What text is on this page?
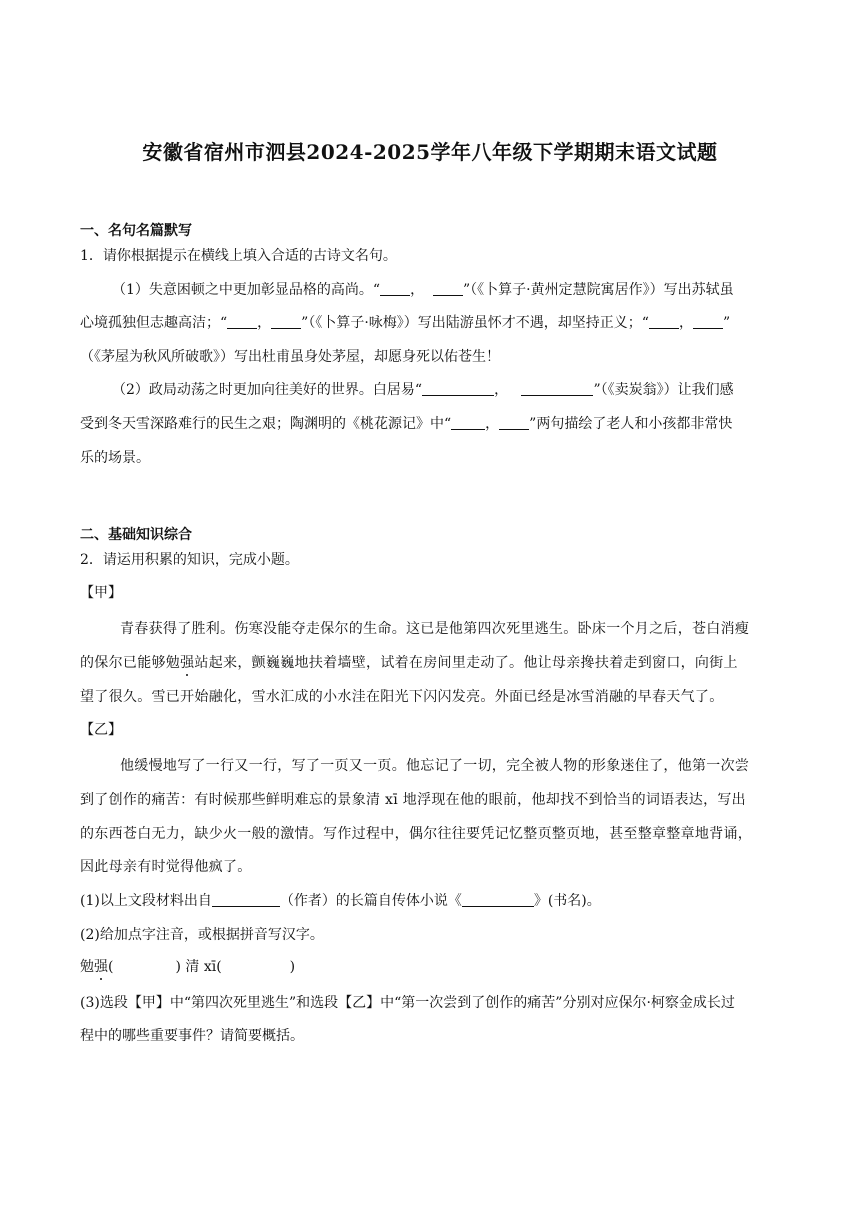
安徽省宿州市泗县2024-2025学年八年级下学期期末语文试题
一、名句名篇默写
1．请你根据提示在横线上填入合适的古诗文名句。
（1）失意困顿之中更加彰显品格的高尚。“ ，	”（《卜算子·黄州定慧院寓居作》）写出苏轼虽
心境孤独但志趣高洁；“ ， ”（《卜算子·咏梅》）写出陆游虽怀才不遇，却坚持正义；“ ， ”
（《茅屋为秋风所破歌》）写出杜甫虽身处茅屋，却愿身死以佑苍生！
（2）政局动荡之时更加向往美好的世界。白居易“	，	”（《卖炭翁》）让我们感
受到冬天雪深路难行的民生之艰；陶渊明的《桃花源记》中“ ， ”两句描绘了老人和小孩都非常快
乐的场景。
二、基础知识综合
2．请运用积累的知识，完成小题。
【甲】
青春获得了胜利。伤寒没能夺走保尔的生命。这已是他第四次死里逃生。卧床一个月之后，苍白消瘦
的保尔已能够勉强站起来，颤巍巍地扶着墙壁，试着在房间里走动了。他让母亲搀扶着走到窗口，向街上
望了很久。雪已开始融化，雪水汇成的小水洼在阳光下闪闪发亮。外面已经是冰雪消融的早春天气了。
【乙】
他缓慢地写了一行又一行，写了一页又一页。他忘记了一切，完全被人物的形象迷住了，他第一次尝
到了创作的痛苦：有时候那些鲜明难忘的景象清 xī 地浮现在他的眼前，他却找不到恰当的词语表达，写出
的东西苍白无力，缺少火一般的激情。写作过程中，偶尔往往要凭记忆整页整页地，甚至整章整章地背诵，
因此母亲有时觉得他疯了。
(1)以上文段材料出自	（作者）的长篇自传体小说《	》(书名)。
(2)给加点字注音，或根据拼音写汉字。
勉强(	) 清 xī(	)
(3)选段【甲】中“第四次死里逃生”和选段【乙】中“第一次尝到了创作的痛苦”分别对应保尔·柯察金成长过
程中的哪些重要事件？请简要概括。
